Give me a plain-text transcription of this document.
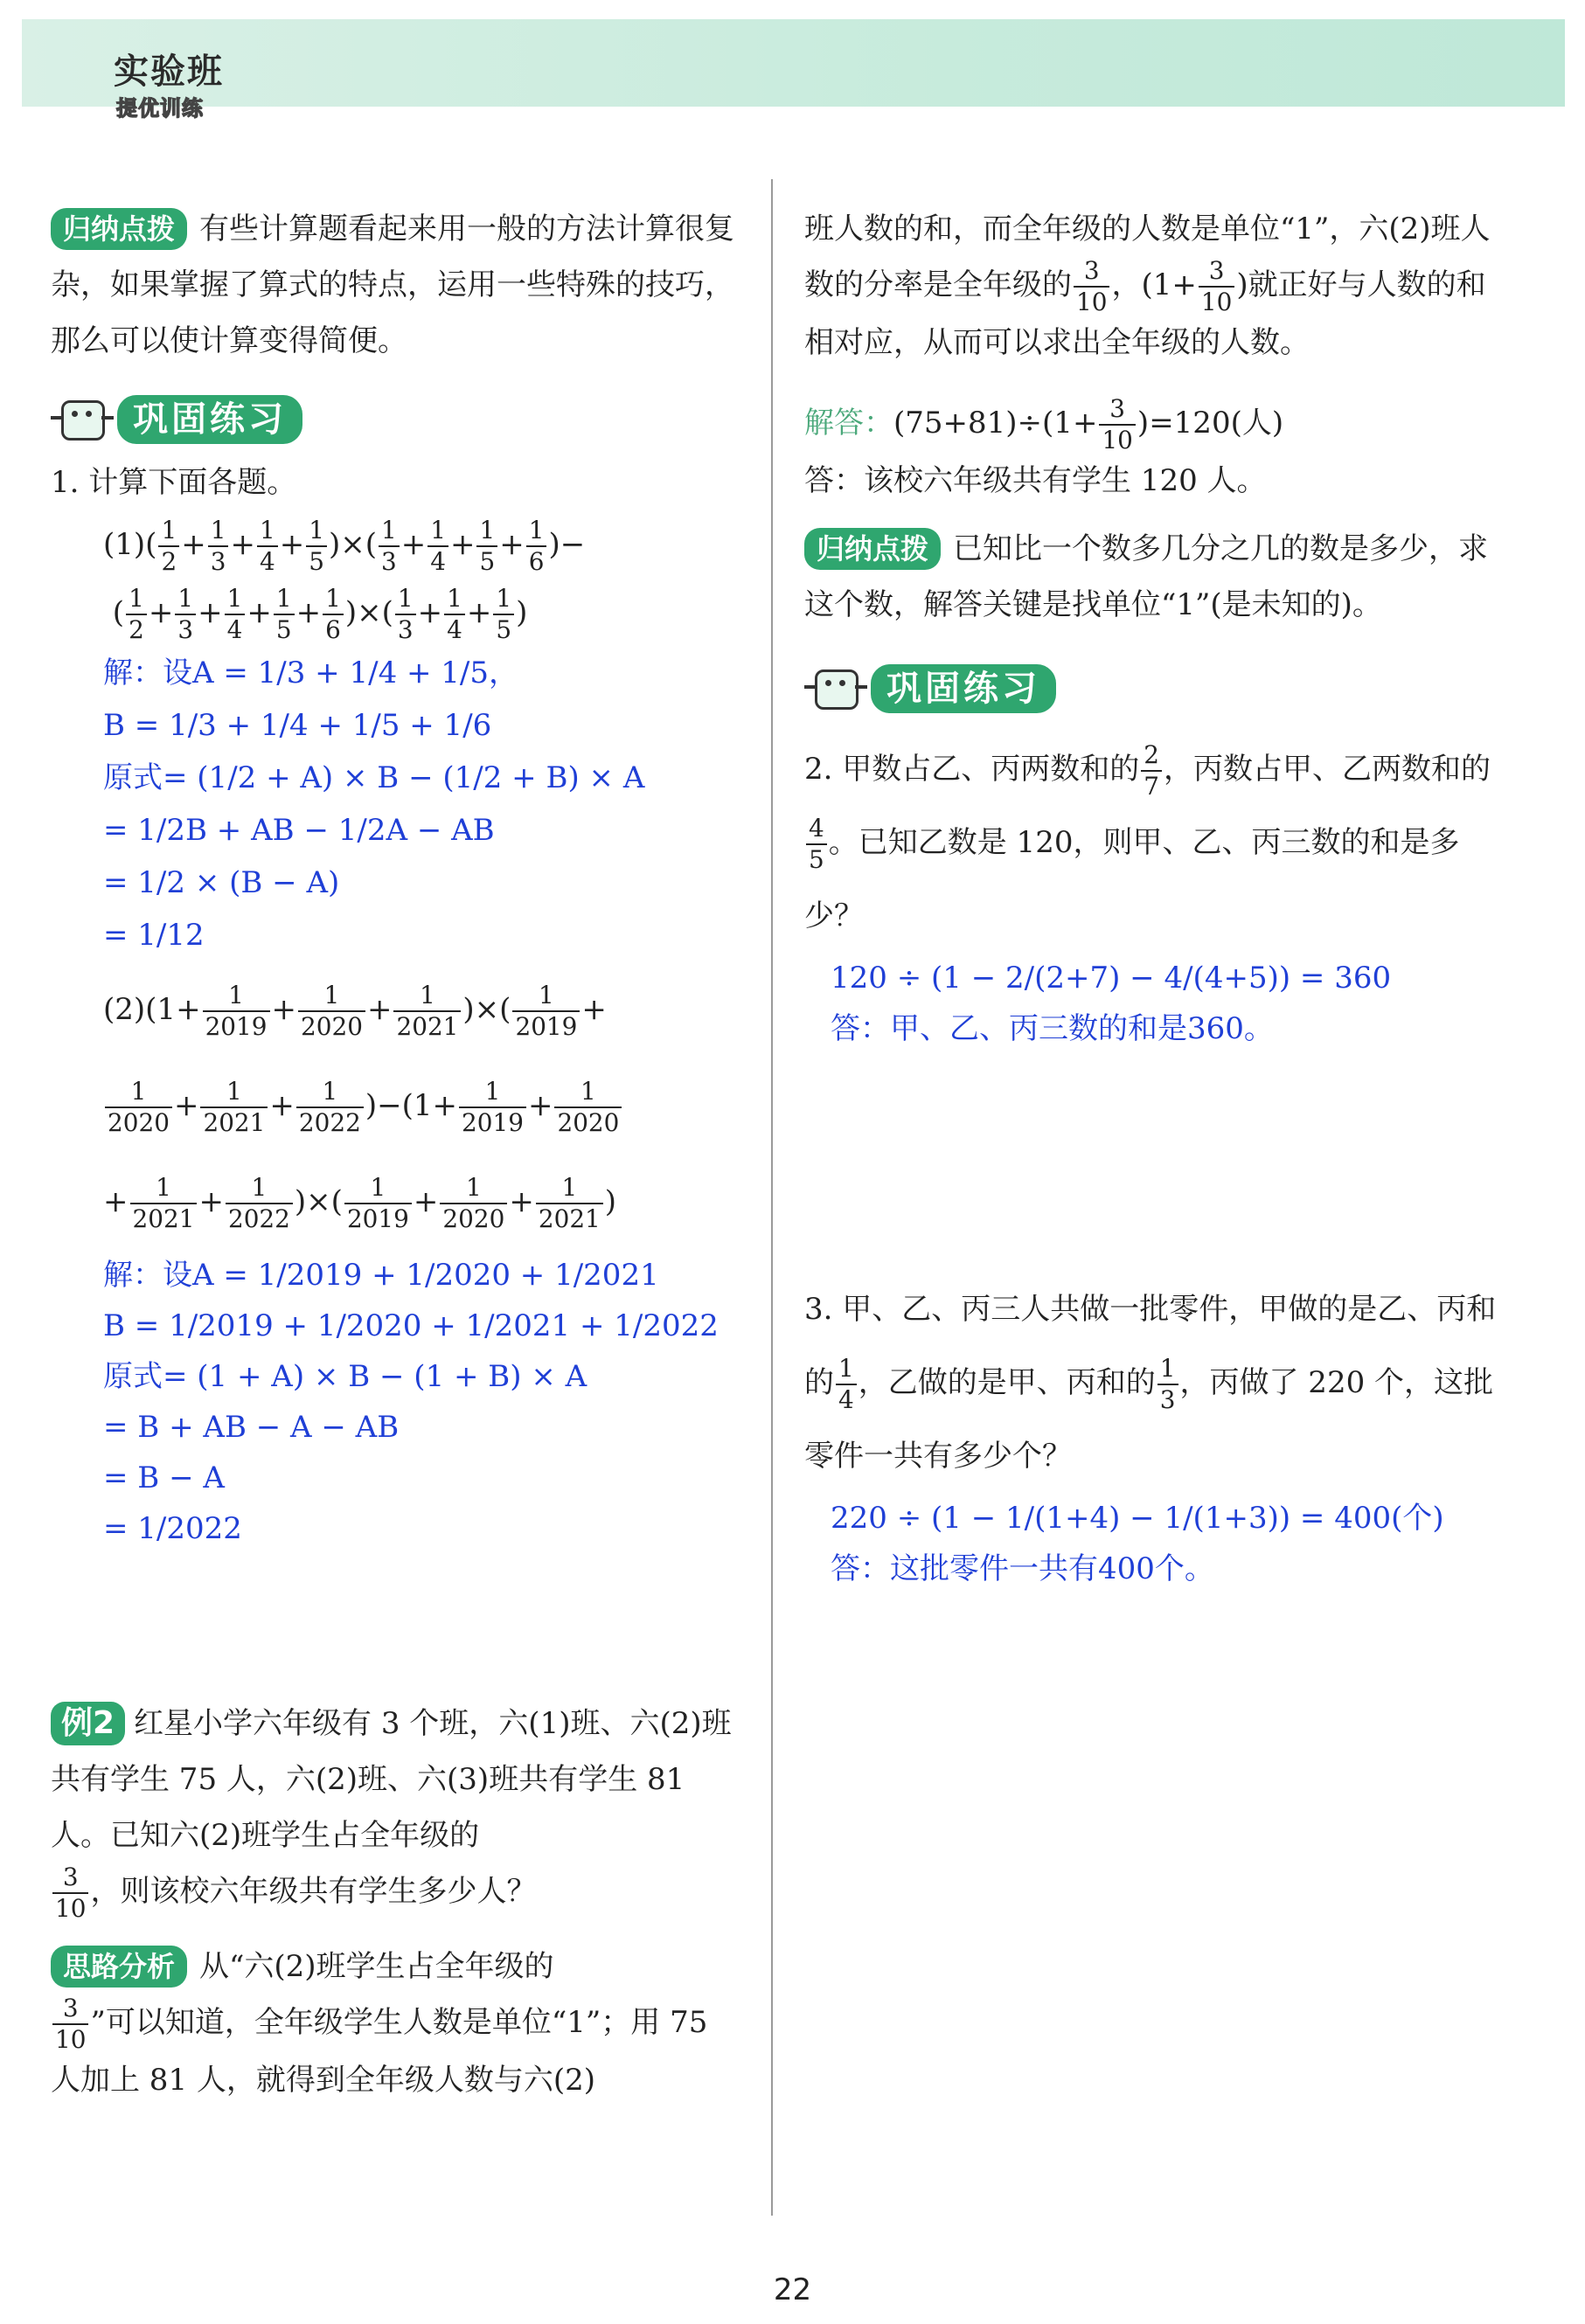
实验班
提优训练
归纳点拨 有些计算题看起来用一般的方法计算很复杂，如果掌握了算式的特点，运用一些特殊的技巧，那么可以使计算变得简便。
巩固练习
1. 计算下面各题。
$(1)( \frac{1}{2} + \frac{1}{3} + \frac{1}{4} + \frac{1}{5}$ )×( $\frac{1}{3} + \frac{1}{4} + \frac{1}{5} + \frac{1}{6}$ )−
( $\frac{1}{2} + \frac{1}{3} + \frac{1}{4} + \frac{1}{5} + \frac{1}{6}$ )×( $\frac{1}{3} + \frac{1}{4} + \frac{1}{5}$ )
解：设A = 1/3 + 1/4 + 1/5，
B = 1/3 + 1/4 + 1/5 + 1/6
原式= (1/2 + A) × B − (1/2 + B) × A
= 1/2B + AB − 1/2A − AB
= 1/2 × (B − A)
= 1/12
$(2)(1+ \frac{1}{2019} + \frac{1}{2020} + \frac{1}{2021}$ )×( $\frac{1}{2019}$ +

$\frac{1}{2020} + \frac{1}{2021} + \frac{1}{2022} )-(1+ \frac{1}{2019} + \frac{1}{2020}$

+ $\frac{1}{2021} + \frac{1}{2022}$ )×( $\frac{1}{2019} + \frac{1}{2020} + \frac{1}{2021}$ )
解：设A = 1/2019 + 1/2020 + 1/2021
B = 1/2019 + 1/2020 + 1/2021 + 1/2022
原式= (1 + A) × B − (1 + B) × A
= B + AB − A − AB
= B − A
= 1/2022
例2 红星小学六年级有 3 个班，六(1)班、六(2)班共有学生 75 人，六(2)班、六(3)班共有学生 81 人。已知六(2)班学生占全年级的

$\frac{3}{10}$ ，则该校六年级共有学生多少人？
思路分析 从“六(2)班学生占全年级的

$\frac{3}{10}$ ”可以知道，全年级学生人数是单位“1”；用 75 人加上 81 人，就得到全年级人数与六(2)
班人数的和，而全年级的人数是单位“1”，六(2)班人数的分率是全年级的 $\frac{3}{10}$ ，($1+ \frac{3}{10}$ )就正好与人数的和相对应，从而可以求出全年级的人数。
解答：$(75+81)\div(1+ \frac{3}{10} )=120$(人)
答：该校六年级共有学生 120 人。
归纳点拨 已知比一个数多几分之几的数是多少，求这个数，解答关键是找单位“1”(是未知的)。
巩固练习
2. 甲数占乙、丙两数和的 $\frac{2}{7}$ ，丙数占甲、乙两数和的
$\frac{4}{5}$ 。已知乙数是 120，则甲、乙、丙三数的和是多少？
120 ÷ (1 − 2/(2+7) − 4/(4+5)) = 360
答：甲、乙、丙三数的和是360。
3. 甲、乙、丙三人共做一批零件，甲做的是乙、丙和的 $\frac{1}{4}$ ，乙做的是甲、丙和的 $\frac{1}{3}$ ，丙做了 220 个，这批零件一共有多少个？
220 ÷ (1 − 1/(1+4) − 1/(1+3)) = 400(个)
答：这批零件一共有400个。
22
